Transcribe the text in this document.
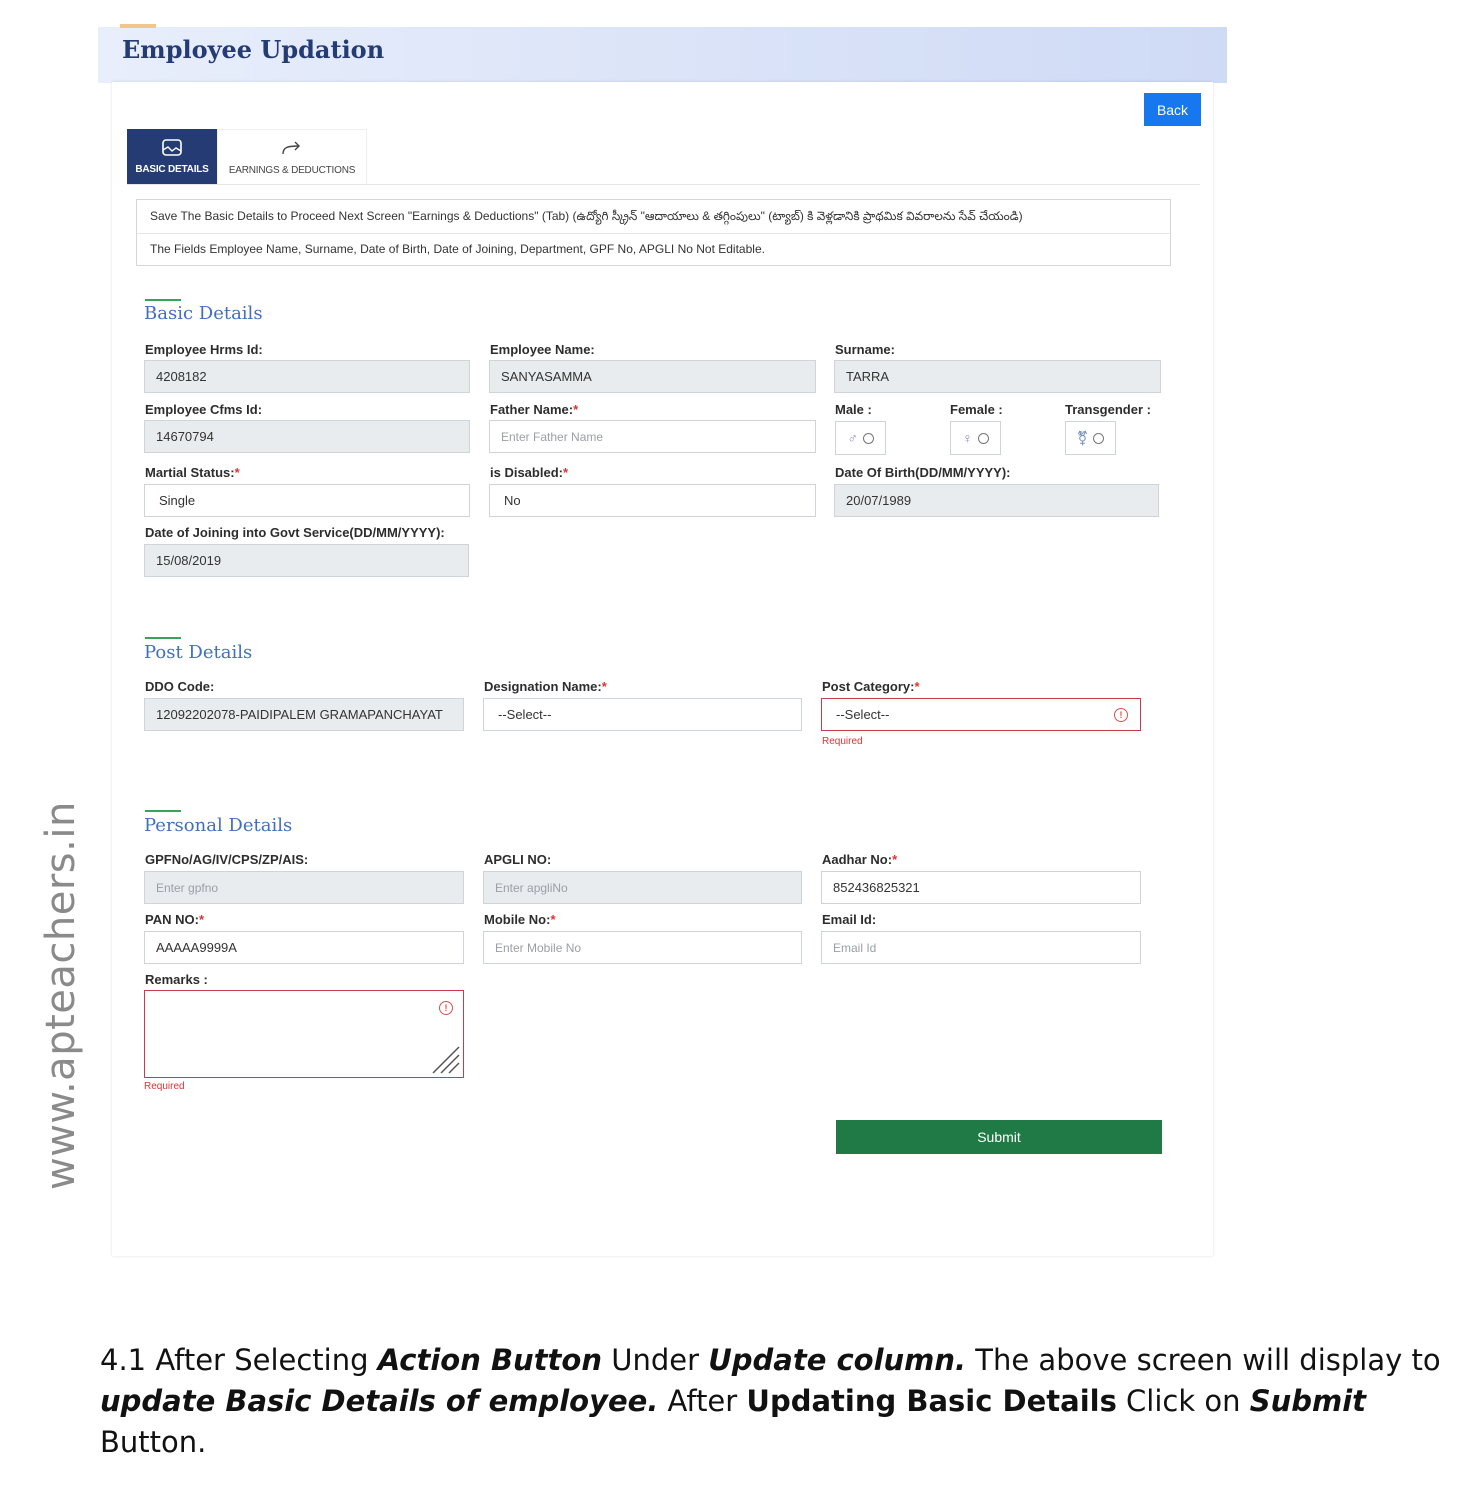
www.apteachers.in
Employee Updation
Back
BASIC DETAILS EARNINGS & DEDUCTIONS
Save The Basic Details to Proceed Next Screen "Earnings & Deductions" (Tab) (ఉద్యోగి స్క్రీన్ "ఆదాయాలు & తగ్గింపులు" (ట్యాబ్) కి వెళ్లడానికి ప్రాథమిక వివరాలను సేవ్ చేయండి)
The Fields Employee Name, Surname, Date of Birth, Date of Joining, Department, GPF No, APGLI No Not Editable.
Basic Details
Employee Hrms Id:
4208182
Employee Name:
SANYASAMMA
Surname:
TARRA
Employee Cfms Id:
14670794
Father Name:*
Enter Father Name
Male :
♂
Female :
♀
Transgender :
⚧
Martial Status:*
Single
is Disabled:*
No
Date Of Birth(DD/MM/YYYY):
20/07/1989
Date of Joining into Govt Service(DD/MM/YYYY):
15/08/2019
Post Details
DDO Code:
12092202078-PAIDIPALEM GRAMAPANCHAYAT
Designation Name:*
--Select--
Post Category:*
--Select--	!
Required
Personal Details
GPFNo/AG/IV/CPS/ZP/AIS:
Enter gpfno
APGLI NO:
Enter apgliNo
Aadhar No:*
852436825321
PAN NO:*
AAAAA9999A
Mobile No:*
Enter Mobile No
Email Id:
Email Id
Remarks :
!
Required
Submit
4.1 After Selecting Action Button Under Update column. The above screen will display to update Basic Details of employee. After Updating Basic Details Click on Submit Button.
